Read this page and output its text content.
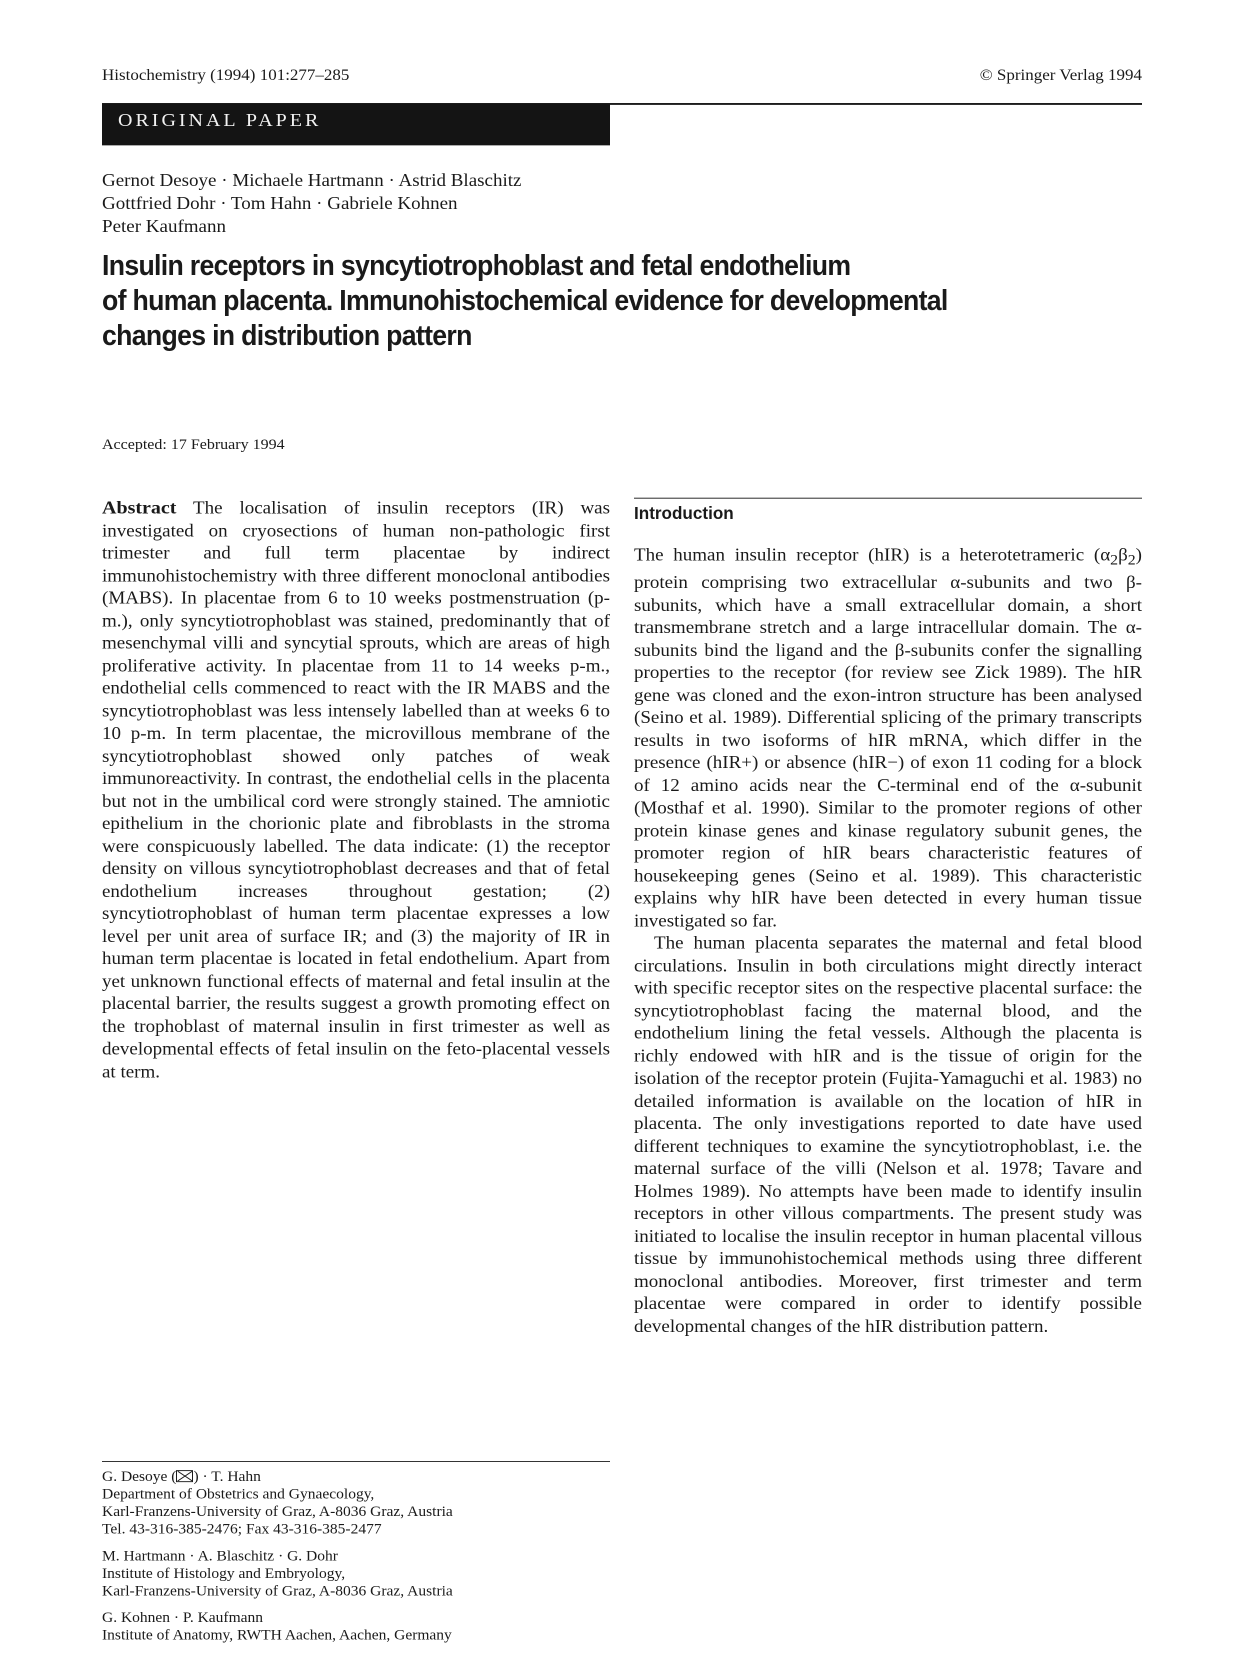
Histochemistry (1994) 101:277–285	© Springer Verlag 1994
ORIGINAL PAPER
Gernot Desoye · Michaele Hartmann · Astrid Blaschitz
Gottfried Dohr · Tom Hahn · Gabriele Kohnen
Peter Kaufmann
Insulin receptors in syncytiotrophoblast and fetal endothelium
of human placenta. Immunohistochemical evidence for developmental
changes in distribution pattern
Accepted: 17 February 1994

Abstract The localisation of insulin receptors (IR) was investigated on cryosections of human non-pathologic first trimester and full term placentae by indirect immunohistochemistry with three different monoclonal antibodies (MABS). In placentae from 6 to 10 weeks postmenstruation (p-m.), only syncytiotrophoblast was stained, predominantly that of mesenchymal villi and syncytial sprouts, which are areas of high proliferative activity. In placentae from 11 to 14 weeks p-m., endothelial cells commenced to react with the IR MABS and the syncytiotrophoblast was less intensely labelled than at weeks 6 to 10 p-m. In term placentae, the microvillous membrane of the syncytiotrophoblast showed only patches of weak immunoreactivity. In contrast, the endothelial cells in the placenta but not in the umbilical cord were strongly stained. The amniotic epithelium in the chorionic plate and fibroblasts in the stroma were conspicuously labelled. The data indicate: (1) the receptor density on villous syncytiotrophoblast decreases and that of fetal endothelium increases throughout gestation; (2) syncytiotrophoblast of human term placentae expresses a low level per unit area of surface IR; and (3) the majority of IR in human term placentae is located in fetal endothelium. Apart from yet unknown functional effects of maternal and fetal insulin at the placental barrier, the results suggest a growth promoting effect on the trophoblast of maternal insulin in first trimester as well as developmental effects of fetal insulin on the feto-placental vessels at term.

G. Desoye ( ) · T. Hahn
Department of Obstetrics and Gynaecology,
Karl-Franzens-University of Graz, A-8036 Graz, Austria
Tel. 43-316-385-2476; Fax 43-316-385-2477
M. Hartmann · A. Blaschitz · G. Dohr
Institute of Histology and Embryology,
Karl-Franzens-University of Graz, A-8036 Graz, Austria
G. Kohnen · P. Kaufmann
Institute of Anatomy, RWTH Aachen, Aachen, Germany
Introduction

The human insulin receptor (hIR) is a heterotetrameric $(\alpha_2\beta_2)$ protein comprising two extracellular α-subunits and two β-subunits, which have a small extracellular domain, a short transmembrane stretch and a large intracellular domain. The α-subunits bind the ligand and the β-subunits confer the signalling properties to the receptor (for review see Zick 1989). The hIR gene was cloned and the exon-intron structure has been analysed (Seino et al. 1989). Differential splicing of the primary transcripts results in two isoforms of hIR mRNA, which differ in the presence (hIR+) or absence (hIR−) of exon 11 coding for a block of 12 amino acids near the C-terminal end of the α-subunit (Mosthaf et al. 1990). Similar to the promoter regions of other protein kinase genes and kinase regulatory subunit genes, the promoter region of hIR bears characteristic features of housekeeping genes (Seino et al. 1989). This characteristic explains why hIR have been detected in every human tissue investigated so far.

The human placenta separates the maternal and fetal blood circulations. Insulin in both circulations might directly interact with specific receptor sites on the respective placental surface: the syncytiotrophoblast facing the maternal blood, and the endothelium lining the fetal vessels. Although the placenta is richly endowed with hIR and is the tissue of origin for the isolation of the receptor protein (Fujita-Yamaguchi et al. 1983) no detailed information is available on the location of hIR in placenta. The only investigations reported to date have used different techniques to examine the syncytiotrophoblast, i.e. the maternal surface of the villi (Nelson et al. 1978; Tavare and Holmes 1989). No attempts have been made to identify insulin receptors in other villous compartments. The present study was initiated to localise the insulin receptor in human placental villous tissue by immunohistochemical methods using three different monoclonal antibodies. Moreover, first trimester and term placentae were compared in order to identify possible developmental changes of the hIR distribution pattern.
